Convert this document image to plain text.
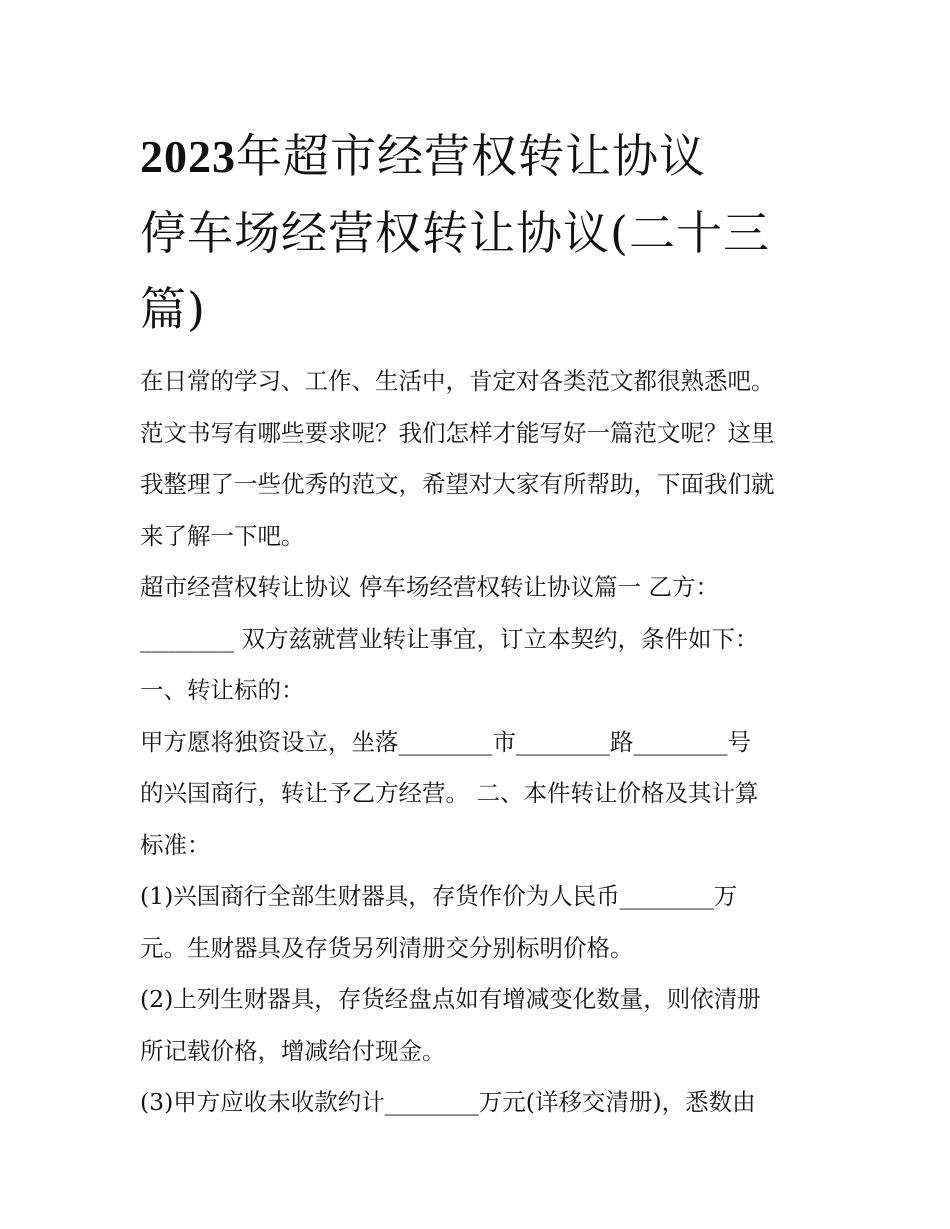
2023年超市经营权转让协议
停车场经营权转让协议(二十三
篇)

在日常的学习、工作、生活中，肯定对各类范文都很熟悉吧。

范文书写有哪些要求呢？我们怎样才能写好一篇范文呢？这里

我整理了一些优秀的范文，希望对大家有所帮助，下面我们就

来了解一下吧。

超市经营权转让协议 停车场经营权转让协议篇一 乙方：

________ 双方兹就营业转让事宜，订立本契约，条件如下：

一、转让标的：

甲方愿将独资设立，坐落________市________路________号

的兴国商行，转让予乙方经营。 二、本件转让价格及其计算

标准：

(1)兴国商行全部生财器具，存货作价为人民币________万

元。生财器具及存货另列清册交分别标明价格。

(2)上列生财器具，存货经盘点如有增减变化数量，则依清册

所记载价格，增减给付现金。

(3)甲方应收未收款约计________万元(详移交清册)，悉数由
